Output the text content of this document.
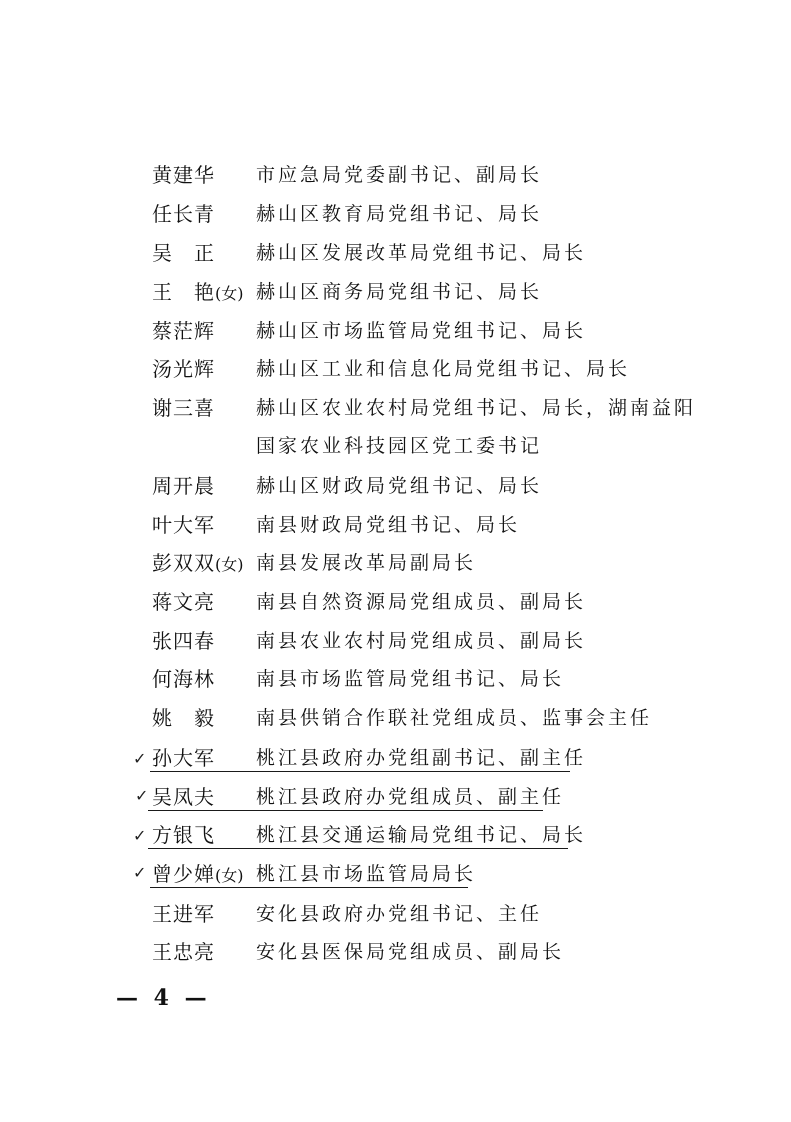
黄建华	市应急局党委副书记、副局长
任长青	赫山区教育局党组书记、局长
吴　正	赫山区发展改革局党组书记、局长
王　艳(女) 赫山区商务局党组书记、局长
蔡茫辉	赫山区市场监管局党组书记、局长
汤光辉	赫山区工业和信息化局党组书记、局长
谢三喜	赫山区农业农村局党组书记、局长，湖南益阳
国家农业科技园区党工委书记
周开晨	赫山区财政局党组书记、局长
叶大军	南县财政局党组书记、局长
彭双双(女) 南县发展改革局副局长
蒋文亮	南县自然资源局党组成员、副局长
张四春	南县农业农村局党组成员、副局长
何海林	南县市场监管局党组书记、局长
姚　毅	南县供销合作联社党组成员、监事会主任
✓ 孙大军	桃江县政府办党组副书记、副主任
✓ 吴凤夫	桃江县政府办党组成员、副主任
✓ 方银飞	桃江县交通运输局党组书记、局长
✓ 曾少婵(女) 桃江县市场监管局局长
王进军	安化县政府办党组书记、主任
王忠亮	安化县医保局党组成员、副局长
— 4 —
